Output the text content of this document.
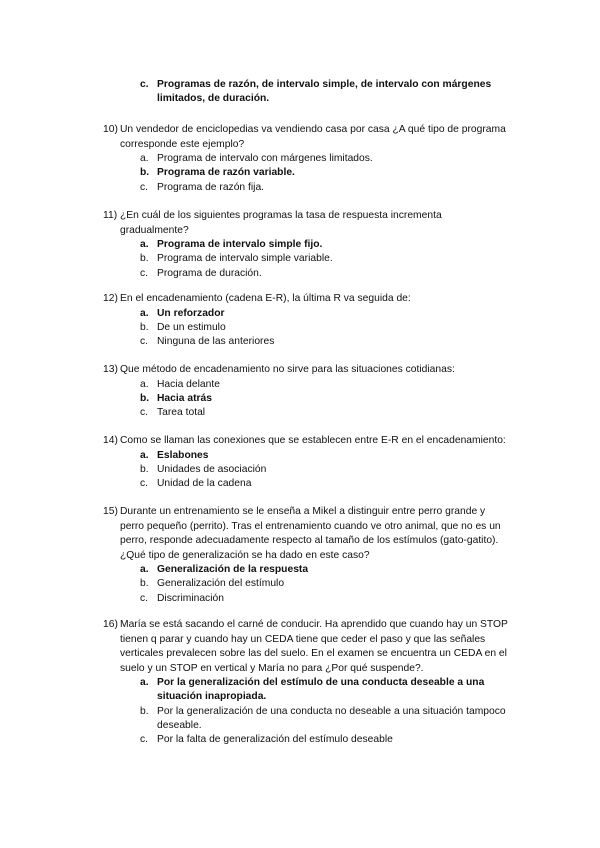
c. Programas de razón, de intervalo simple, de intervalo con márgenes
limitados, de duración.
10) Un vendedor de enciclopedias va vendiendo casa por casa ¿A qué tipo de programa
corresponde este ejemplo?
a. Programa de intervalo con márgenes limitados.
b. Programa de razón variable.
c. Programa de razón fija.
11) ¿En cuál de los siguientes programas la tasa de respuesta incrementa
gradualmente?
a. Programa de intervalo simple fijo.
b. Programa de intervalo simple variable.
c. Programa de duración.
12) En el encadenamiento (cadena E-R), la última R va seguida de:
a. Un reforzador
b. De un estimulo
c. Ninguna de las anteriores
13) Que método de encadenamiento no sirve para las situaciones cotidianas:
a. Hacia delante
b. Hacia atrás
c. Tarea total
14) Como se llaman las conexiones que se establecen entre E-R en el encadenamiento:
a. Eslabones
b. Unidades de asociación
c. Unidad de la cadena
15) Durante un entrenamiento se le enseña a Mikel a distinguir entre perro grande y
perro pequeño (perrito). Tras el entrenamiento cuando ve otro animal, que no es un
perro, responde adecuadamente respecto al tamaño de los estímulos (gato-gatito).
¿Qué tipo de generalización se ha dado en este caso?
a. Generalización de la respuesta
b. Generalización del estímulo
c. Discriminación
16) María se está sacando el carné de conducir. Ha aprendido que cuando hay un STOP
tienen q parar y cuando hay un CEDA tiene que ceder el paso y que las señales
verticales prevalecen sobre las del suelo. En el examen se encuentra un CEDA en el
suelo y un STOP en vertical y María no para ¿Por qué suspende?.
a. Por la generalización del estímulo de una conducta deseable a una situación inapropiada.
b. Por la generalización de una conducta no deseable a una situación tampoco deseable.
c. Por la falta de generalización del estímulo deseable
